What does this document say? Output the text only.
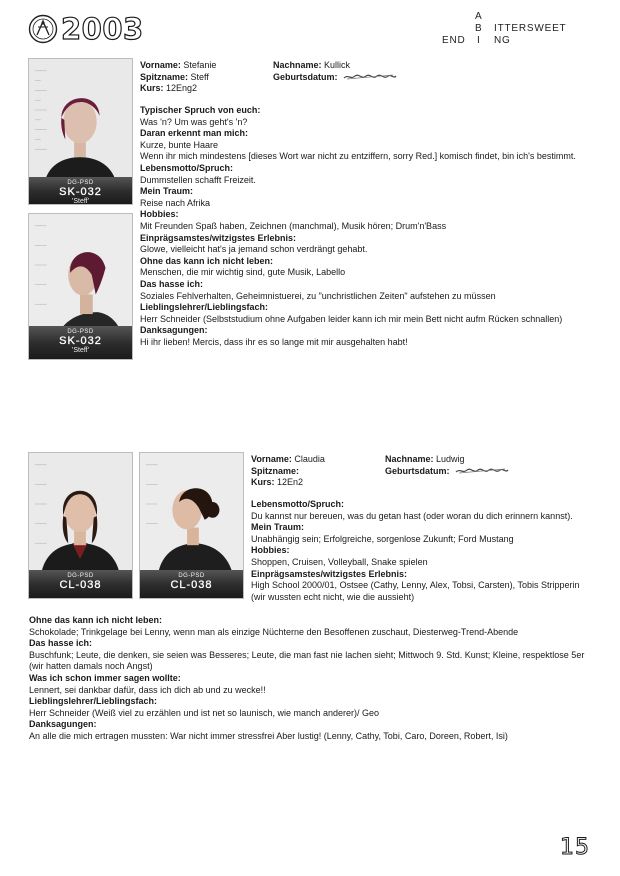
2003	A
B ITTERSWEET
END I NG
DG-PSD
SK-032
'Steff'
DG-PSD
SK-032
'Steff'
Vorname: Stefanie	Nachname: Kullick
Spitzname: Steff	Geburtsdatum:
Kurs: 12Eng2
Typischer Spruch von euch:
Was 'n? Um was geht's 'n?
Daran erkennt man mich:
Kurze, bunte Haare
Wenn ihr mich mindestens [dieses Wort war nicht zu entziffern, sorry Red.] komisch findet, bin ich's bestimmt.
Lebensmotto/Spruch:
Dummstellen schafft Freizeit.
Mein Traum:
Reise nach Afrika
Hobbies:
Mit Freunden Spaß haben, Zeichnen (manchmal), Musik hören; Drum'n'Bass
Einprägsamstes/witzigstes Erlebnis:
Glowe, vielleicht hat's ja jemand schon verdrängt gehabt.
Ohne das kann ich nicht leben:
Menschen, die mir wichtig sind, gute Musik, Labello
Das hasse ich:
Soziales Fehlverhalten, Geheimnistuerei, zu "unchristlichen Zeiten" aufstehen zu müssen
Lieblingslehrer/Lieblingsfach:
Herr Schneider (Selbststudium ohne Aufgaben leider kann ich mir mein Bett nicht aufm Rücken schnallen)
Danksagungen:
Hi ihr lieben! Mercis, dass ihr es so lange mit mir ausgehalten habt!
DG-PSD
CL-038
DG-PSD
CL-038
Vorname: Claudia	Nachname: Ludwig
Spitzname:	Geburtsdatum:
Kurs: 12En2
Lebensmotto/Spruch:
Du kannst nur bereuen, was du getan hast (oder woran du dich erinnern kannst).
Mein Traum:
Unabhängig sein; Erfolgreiche, sorgenlose Zukunft; Ford Mustang
Hobbies:
Shoppen, Cruisen, Volleyball, Snake spielen
Einprägsamstes/witzigstes Erlebnis:
High School 2000/01, Ostsee (Cathy, Lenny, Alex, Tobsi, Carsten), Tobis Stripperin (wir wussten echt nicht, wie die aussieht)
Ohne das kann ich nicht leben:
Schokolade; Trinkgelage bei Lenny, wenn man als einzige Nüchterne den Besoffenen zuschaut, Diesterweg-Trend-Abende
Das hasse ich:
Buschfunk; Leute, die denken, sie seien was Besseres; Leute, die man fast nie lachen sieht; Mittwoch 9. Std. Kunst; Kleine, respektlose 5er (wir hatten damals noch Angst)
Was ich schon immer sagen wollte:
Lennert, sei dankbar dafür, dass ich dich ab und zu wecke!!
Lieblingslehrer/Lieblingsfach:
Herr Schneider (Weiß viel zu erzählen und ist net so launisch, wie manch anderer)/ Geo
Danksagungen:
An alle die mich ertragen mussten: War nicht immer stressfrei Aber lustig! (Lenny, Cathy, Tobi, Caro, Doreen, Robert, Isi)
15
